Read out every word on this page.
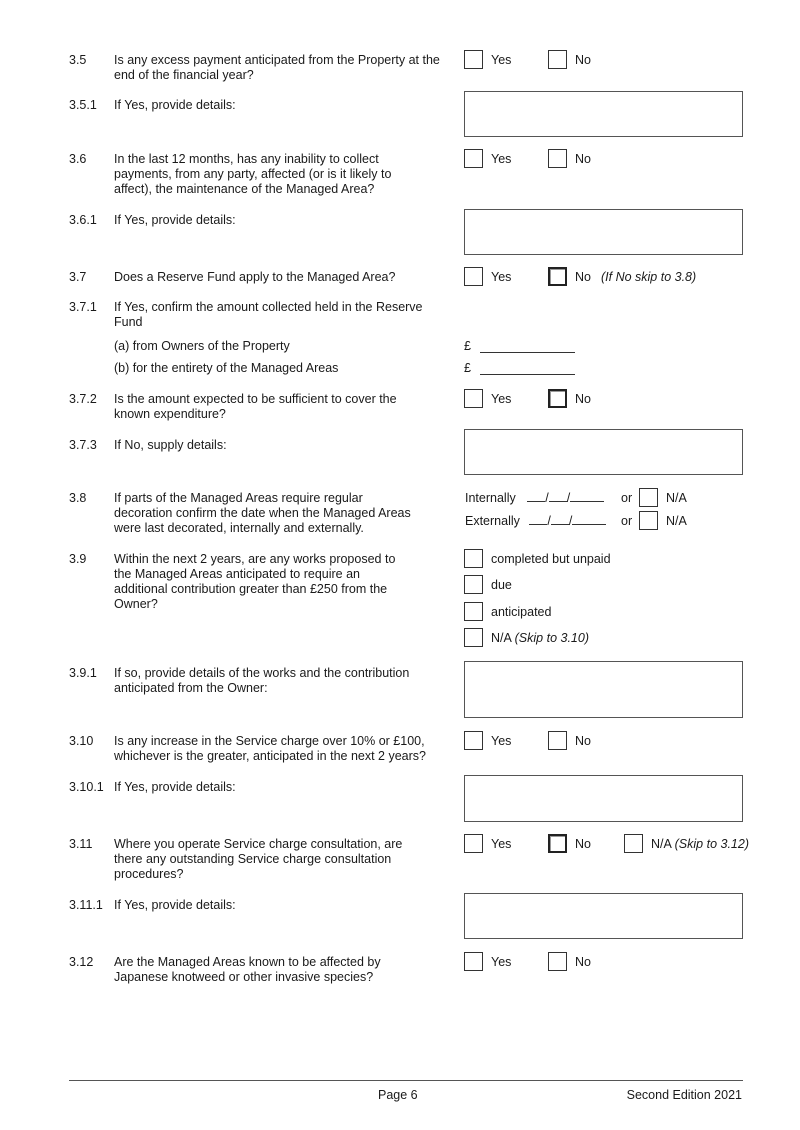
3.5 Is any excess payment anticipated from the Property at the end of the financial year?
Yes	No
3.5.1 If Yes, provide details:
3.6 In the last 12 months, has any inability to collect payments, from any party, affected (or is it likely to affect), the maintenance of the Managed Area?
Yes	No
3.6.1 If Yes, provide details:
3.7 Does a Reserve Fund apply to the Managed Area?	Yes	No (If No skip to 3.8)
3.7.1 If Yes, confirm the amount collected held in the Reserve Fund
(a) from Owners of the Property	£
(b) for the entirety of the Managed Areas	£
3.7.2 Is the amount expected to be sufficient to cover the known expenditure?
Yes	No
3.7.3 If No, supply details:
3.8 If parts of the Managed Areas require regular decoration confirm the date when the Managed Areas were last decorated, internally and externally.
Internally / /	or	N/A
Externally / /	or	N/A
3.9 Within the next 2 years, are any works proposed to the Managed Areas anticipated to require an additional contribution greater than £250 from the Owner?
completed but unpaid
due
anticipated
N/A (Skip to 3.10)
3.9.1 If so, provide details of the works and the contribution anticipated from the Owner:
3.10 Is any increase in the Service charge over 10% or £100, whichever is the greater, anticipated in the next 2 years?
Yes	No
3.10.1 If Yes, provide details:
3.11 Where you operate Service charge consultation, are there any outstanding Service charge consultation procedures?
Yes	No	N/A (Skip to 3.12)
3.11.1 If Yes, provide details:
3.12 Are the Managed Areas known to be affected by Japanese knotweed or other invasive species?
Yes	No
Page 6	Second Edition 2021
